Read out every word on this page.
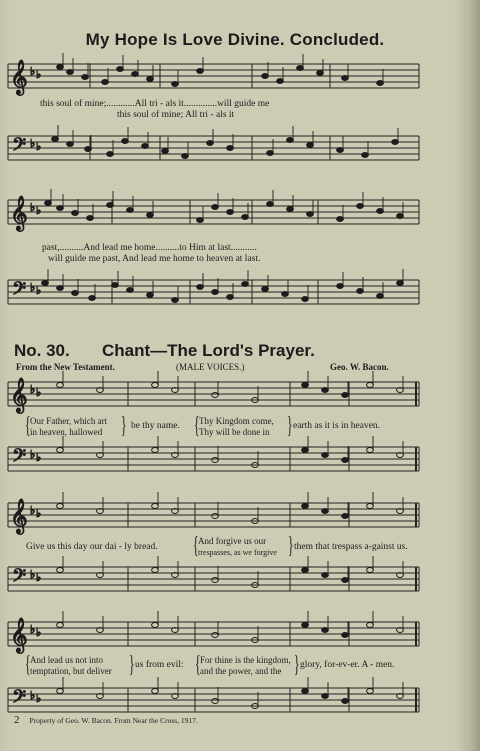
My Hope Is Love Divine. Concluded.
𝄞
𝄞
𝄞
𝄞
𝄞
𝄢
𝄢
𝄢
𝄢
𝄢
♭ ♭
♭ ♭
♭ ♭
♭ ♭
♭ ♭
♭ ♭
♭ ♭
♭ ♭
♭ ♭
♭ ♭
this soul of mine;............All tri - als it..............will guide me
this soul of mine; All tri - als it
past,..........And lead me home..........to Him at last...........
will guide me past, And lead me home to heaven at last.
No. 30. Chant—The Lord's Prayer.
From the New Testament.	(MALE VOICES.)	Geo. W. Bacon.
Our Father, which art
in heaven, hallowed
be thy name. Thy Kingdom come,
Thy will be done in
earth as it is in heaven.
Give us this day our dai - ly bread.
And forgive us our
trespasses, as we forgive
them that trespass a-gainst us.
And lead us not into
temptation, but deliver
us from evil: For thine is the kingdom,
and the power, and the
glory, for-ev-er. A - men.
{	}	{	}
{	}
{	}	{	}
2 Property of Geo. W. Bacon. From Near the Cross, 1917.
